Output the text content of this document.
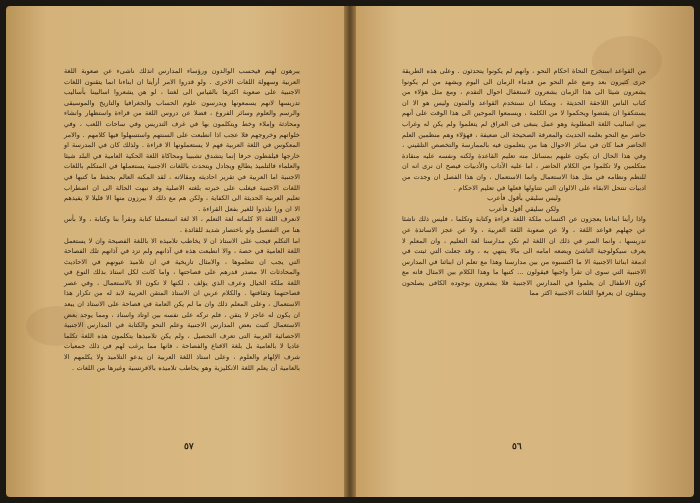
يبرهون لهتم فيحسب الوالدون ورؤساء المدارس انذلك ناشىء عن صعوبة اللغة العربية وسهولة اللغات الاخرى . ولو قدروا الامر أرأيتا ان ابناءنا انما يتقنون اللغات الاجنبية على صعوبة اكثرها بالقياس الى لغتنا ، لو هن يشعروا اساليبنا بأساليب تدريسها لانهم يسمعونها ويدرسون علوم الحساب والجغرافيا والتاريخ والموسيقى والرسم والعلوم وسائر الفروع ، فضلا عن دروس اللغة من قراءة واستظهار وانشاء ومحادثة وإملاء وخط ويتكلمون بها في غرف التدريس وفي ساحات اللعب ، وفي خلواتهم وخروجهم فلا عجب اذا انطبعت على السنتهم واستسهلوا فيها كلامهم . والامر المعكوس في اللغة العربية فهم لا يستعملونها الا قراءة . ولذلك كان في المدرسة او خارجها قيلفظون حرفا إنما يتشدق تشبيبا ومحاكاة اللغة الحكية العامية في البلد شيئا والعلماء فالتلميذ يطالع ويجادل ويتحدث باللغات الاجنبية يستعملها في المتكلم باللغات الاجنبية اما العربية في تقرير احاديثه ومقالاته ، لقد المكنه العالم بحفظ ما كتبها في اللغات الاجنبية فيغلب على خبرته بلغته الاصلية وقد نبهت الحالة الى ان اضطراب تعليم العربية الحديثة الى الكفاية ، ولكن هم مع ذلك لا يبرزون منها الا قليلا لا يفيدهم الا ان ورا تلذدوا للغير بفعل القراءة .

لانعرف اللغة الا كلماته لغة التعلم ، الا لغة استعملنا كتابة ونقرأ بنا وكتابة ، ولا بأس هنا من التفصيل ولو باختصار شديد للقائدة .

اما التكلم فيجب على الاستاذ ان لا يخاطب تلاميذه الا باللغة الفصيحة وان لا يستعمل اللغة العامية في حصة ، والا انطبعت هذه في آذانهم ولم تزد في آذانهم تلك الفصاحة التي يجب ان تتعلموها ، والامثال تاريخية في ان تلاميذ عيونهم في الاحاديث والمحادثات الا مصدر قدرهم على فصاحتها ، واما كانت لكل استاذ بذلك النوع في اللغة ملكة الخيال وعرف الذي يؤلف ، لكنها لا تكون الا بالاستعمال ، وفي عصر قصاحتهما وثقافتها . والكلام عربي ان الاستاذ المتقن العربية لابد له من تكرار هذا الاستعمال ، وعلى المعلم ذلك وان ما لم يكن العامة في فصاحة على الاستاذ ان يبعد ان يكون له عاجز لا يتقن ، فلم تركه على نفسه بين اوتاد واسناد ، ومما يوجد بعض الاستعمال كتبت بعض المدارس الاجنبية وعلم النحو والكتابة في المدارس الاجنبية الاحصائية العربية التى تعرف التحصيل ، ولم يكن تلاميذها يتكلمون هذه اللغة تكلما عاديا لا بالعامية بل بلغة الاقناع والفصاحة ، فانها مما يرغب لهم في ذلك جمعيات شرف الإلهام والعلوم ، وعلى استاذ اللغة العربية ان يدعو التلاميذ ولا يكلمهم الا بالعامية أن يعلم اللغة الانكليزية وهو يخاطب تلاميذه بالافرنسية وغيرها من اللغات .

٥٧

من القواعد استخرج النحاة احكام النحو ، وانهم لم يكونوا يتحدثون . وعلى هذه الطريقة جرى كثيرون بعد وضع علم النحو من قدماء الزمان الى اليوم ويشهد من لم يكونوا يشعرون شيئا الى هذا الزمان يشعرون لاستغفال احوال التقدم ، ومع مثل هؤلاء من كتاب الناس اللاحقة الحديثة ، ويمكنا ان نستخدم القواعد والمتون وليس هو الا ان يستنكفوا ان يقتضوا ويحكموا لا من الكلمة ، ويسمعوا الموحين الى هذا الوقت على أنهم بين اساليب اللغة المطلوبة وهو عمل ينبغى فى العراق لم يتعلموا ولم يكن له وغراب حاضر مع النحو بعلمه الحديث والمعرفة الصحيحة الى ضعيفة ، فهؤلاء وهم منظمين العلم الحاضر فما كان في سائر الاحوال هنا من يتعلمون فيه بالممارسة والتخصص التلقيني ، وفي هذا الحال ان يكون عليهم بمسائل منه تعليم القاعدة ولكنه ونفسه عليه منقادة متكلمين ولا تكلموا من الكلام الحاضر ، اما عليه الآداب والأدبيات فيصح ان نرى انه ان للنظم ونظامه في مثل هذا الاستعمال وانما الاستعمال ، وان هذا الفصل ان وجدت من ادبيات تنتحل الابقاء على الالوان التي تتناولها فعلها في تعليم الاحكام .

وليس سليقي بأقول فأعرب

ولكن سليقي أقول فأعرب

واذا رأينا ابناءنا يعجزون عن اكتساب ملكة اللغة قراءة وكتابة وتكلما ، فليس ذلك ناشئا عن جهلهم قواعد اللغة ، ولا عن صعوبة اللغة العربية ، ولا عن عجز الاساتذة عن تدريسها ، وانما السر في ذلك ان اللغة لم تكن مدارسنا لغة التعليم ، وان المعلم لا يعرف سيكولوجية الناشئ ويضعه امامه الى مالا ينتهي به ، وقد جعلت التي ثبتت في ادمغة ابنائنا الاجنبية الا ما اكتسبوه من بين مدارسنا وهذا مع تعلم ان ابنائنا في المدارس الاجنبية التي سوى ان تقرأ واجبها فيقولون ... كتبها ما وهذا الكلام بين الامثال فانه مع كون الاطفال ان يعلموا في المدارس الاجنبية فلا يشعرون بوجوده الكافى يصلحون وينقلون ان يعرفوا اللغات الاجنبية اكثر مما

٥٦
